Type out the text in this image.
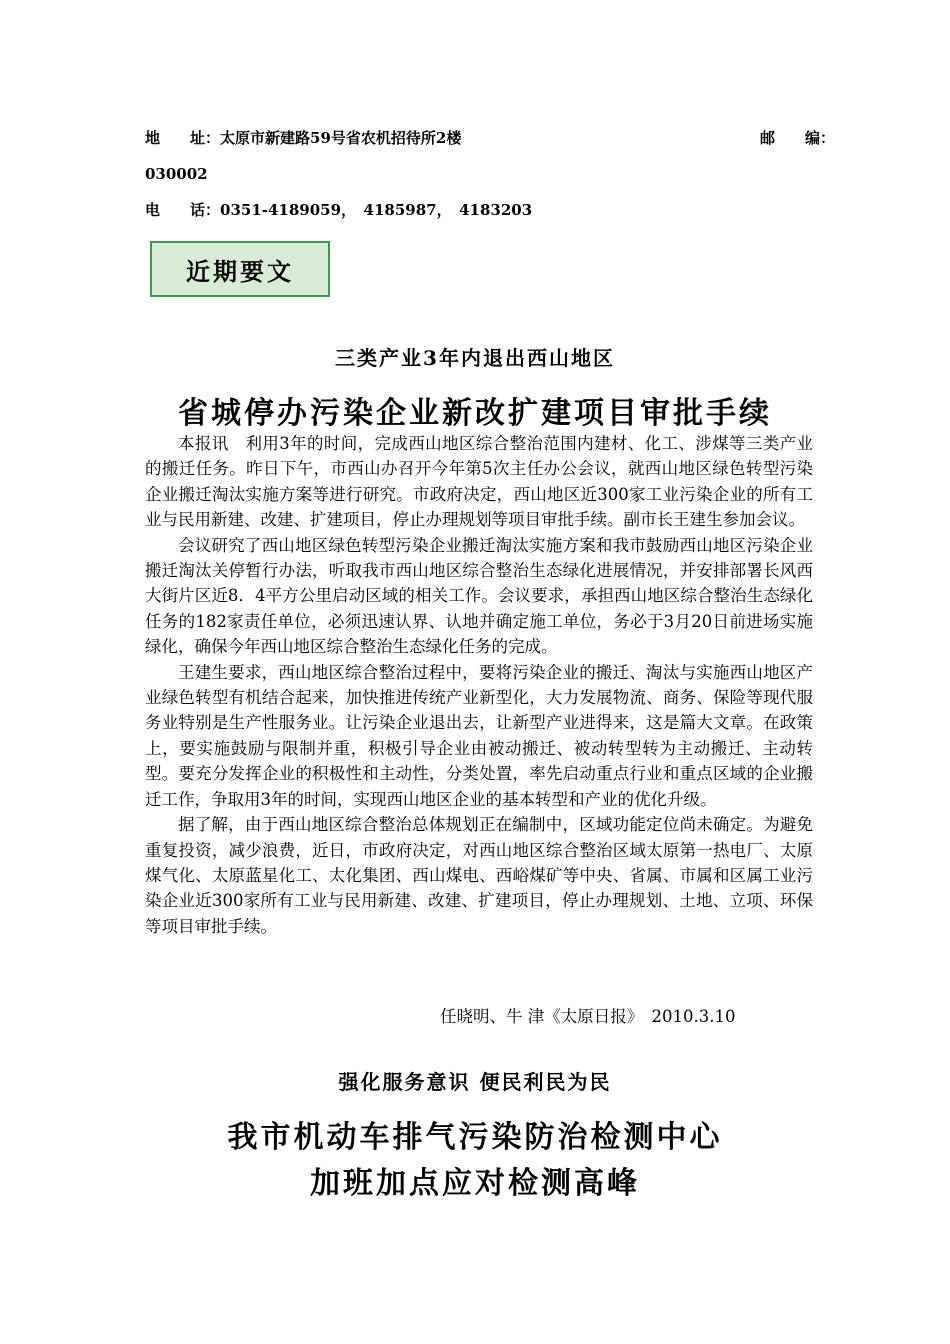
地　　址：太原市新建路59号省农机招待所2楼	邮　　编：
030002
电　　话：0351-4189059，　4185987，　4183203
近期要文
三类产业3年内退出西山地区
省城停办污染企业新改扩建项目审批手续

本报讯　利用3年的时间，完成西山地区综合整治范围内建材、化工、涉煤等三类产业的搬迁任务。昨日下午，市西山办召开今年第5次主任办公会议，就西山地区绿色转型污染企业搬迁淘汰实施方案等进行研究。市政府决定，西山地区近300家工业污染企业的所有工业与民用新建、改建、扩建项目，停止办理规划等项目审批手续。副市长王建生参加会议。

会议研究了西山地区绿色转型污染企业搬迁淘汰实施方案和我市鼓励西山地区污染企业搬迁淘汰关停暂行办法，听取我市西山地区综合整治生态绿化进展情况，并安排部署长风西大街片区近8．4平方公里启动区域的相关工作。会议要求，承担西山地区综合整治生态绿化任务的182家责任单位，必须迅速认界、认地并确定施工单位，务必于3月20日前进场实施绿化，确保今年西山地区综合整治生态绿化任务的完成。

王建生要求，西山地区综合整治过程中，要将污染企业的搬迁、淘汰与实施西山地区产业绿色转型有机结合起来，加快推进传统产业新型化，大力发展物流、商务、保险等现代服务业特别是生产性服务业。让污染企业退出去，让新型产业进得来，这是篇大文章。在政策上，要实施鼓励与限制并重，积极引导企业由被动搬迁、被动转型转为主动搬迁、主动转型。要充分发挥企业的积极性和主动性，分类处置，率先启动重点行业和重点区域的企业搬迁工作，争取用3年的时间，实现西山地区企业的基本转型和产业的优化升级。

据了解，由于西山地区综合整治总体规划正在编制中，区域功能定位尚未确定。为避免重复投资，减少浪费，近日，市政府决定，对西山地区综合整治区域太原第一热电厂、太原煤气化、太原蓝星化工、太化集团、西山煤电、西峪煤矿等中央、省属、市属和区属工业污染企业近300家所有工业与民用新建、改建、扩建项目，停止办理规划、土地、立项、环保等项目审批手续。

任晓明、牛 津《太原日报》　2010.3.10
强化服务意识 便民利民为民
我市机动车排气污染防治检测中心
加班加点应对检测高峰
